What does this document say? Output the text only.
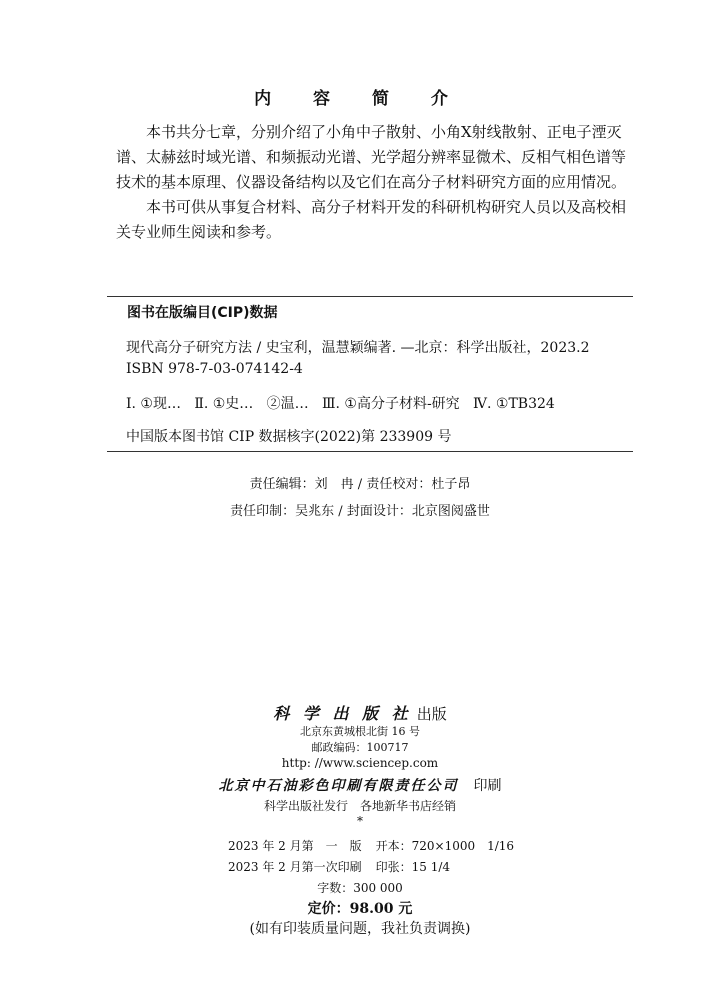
内 容 简 介

本书共分七章，分别介绍了小角中子散射、小角X射线散射、正电子湮灭谱、太赫兹时域光谱、和频振动光谱、光学超分辨率显微术、反相气相色谱等技术的基本原理、仪器设备结构以及它们在高分子材料研究方面的应用情况。

本书可供从事复合材料、高分子材料开发的科研机构研究人员以及高校相关专业师生阅读和参考。

图书在版编目(CIP)数据
现代高分子研究方法 / 史宝利，温慧颖编著. —北京：科学出版社，2023.2
ISBN 978-7-03-074142-4
Ⅰ. ①现…   Ⅱ. ①史…   ②温…   Ⅲ. ①高分子材料-研究   Ⅳ. ①TB324
中国版本图书馆 CIP 数据核字(2022)第 233909 号
责任编辑：刘　冉 / 责任校对：杜子昂
责任印制：吴兆东 / 封面设计：北京图阅盛世
科 学 出 版 社 出版
北京东黄城根北街 16 号
邮政编码：100717
http: //www.sciencep.com
北京中石油彩色印刷有限责任公司 印刷
科学出版社发行　各地新华书店经销
*
2023 年 2 月第　一　版 开本：720×1000　1/16
2023 年 2 月第一次印刷 印张：15 1/4
字数：300 000
定价：98.00 元
(如有印装质量问题，我社负责调换)
